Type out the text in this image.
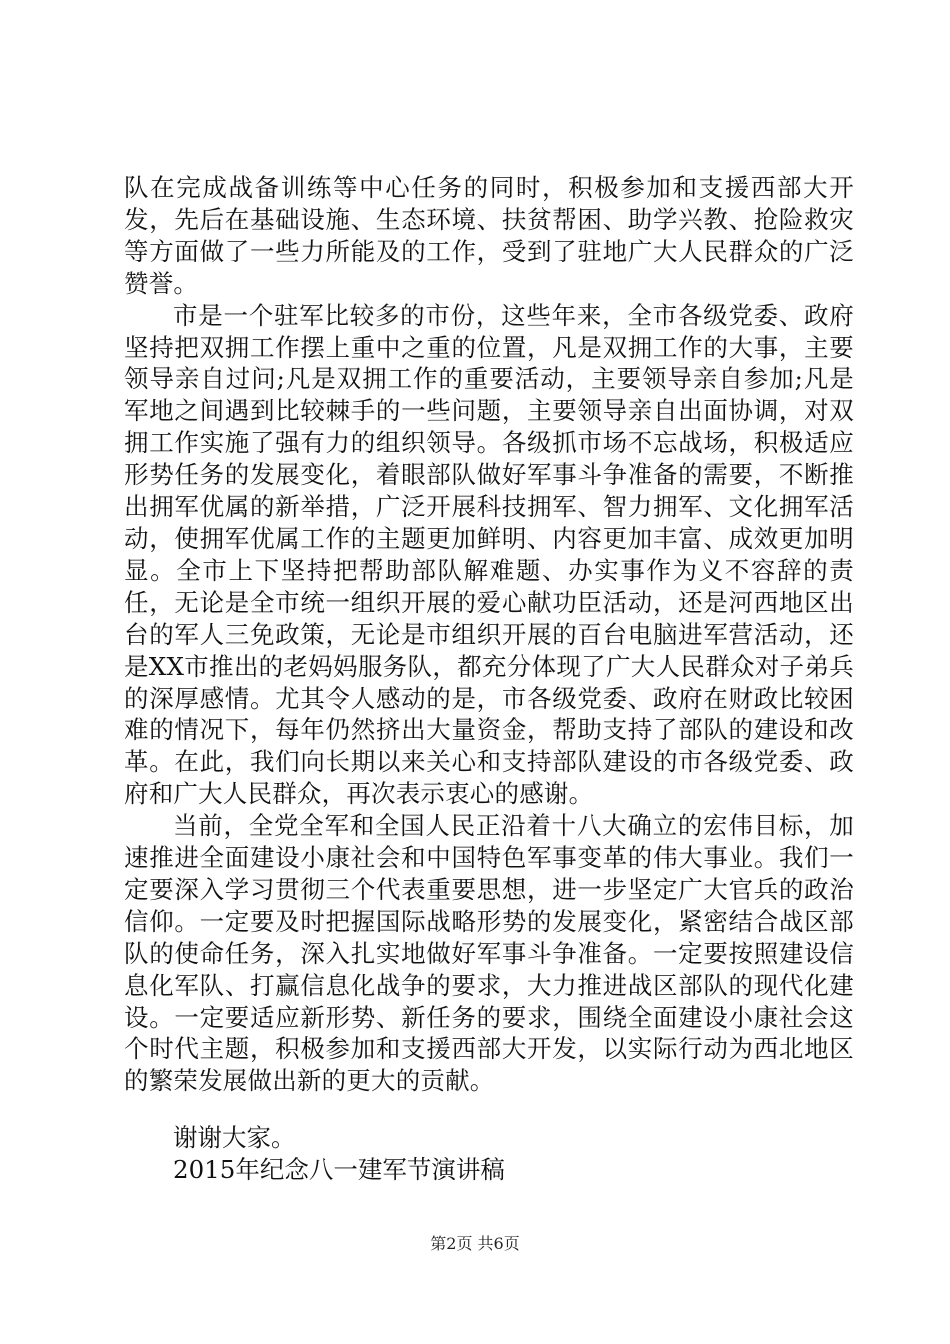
队在完成战备训练等中心任务的同时，积极参加和支援西部大开发，先后在基础设施、生态环境、扶贫帮困、助学兴教、抢险救灾等方面做了一些力所能及的工作，受到了驻地广大人民群众的广泛赞誉。

市是一个驻军比较多的市份，这些年来，全市各级党委、政府坚持把双拥工作摆上重中之重的位置，凡是双拥工作的大事，主要领导亲自过问;凡是双拥工作的重要活动，主要领导亲自参加;凡是军地之间遇到比较棘手的一些问题，主要领导亲自出面协调，对双拥工作实施了强有力的组织领导。各级抓市场不忘战场，积极适应形势任务的发展变化，着眼部队做好军事斗争准备的需要，不断推出拥军优属的新举措，广泛开展科技拥军、智力拥军、文化拥军活动，使拥军优属工作的主题更加鲜明、内容更加丰富、成效更加明显。全市上下坚持把帮助部队解难题、办实事作为义不容辞的责任，无论是全市统一组织开展的爱心献功臣活动，还是河西地区出台的军人三免政策，无论是市组织开展的百台电脑进军营活动，还是XX市推出的老妈妈服务队，都充分体现了广大人民群众对子弟兵的深厚感情。尤其令人感动的是，市各级党委、政府在财政比较困难的情况下，每年仍然挤出大量资金，帮助支持了部队的建设和改革。在此，我们向长期以来关心和支持部队建设的市各级党委、政府和广大人民群众，再次表示衷心的感谢。

当前，全党全军和全国人民正沿着十八大确立的宏伟目标，加速推进全面建设小康社会和中国特色军事变革的伟大事业。我们一定要深入学习贯彻三个代表重要思想，进一步坚定广大官兵的政治信仰。一定要及时把握国际战略形势的发展变化，紧密结合战区部队的使命任务，深入扎实地做好军事斗争准备。一定要按照建设信息化军队、打赢信息化战争的要求，大力推进战区部队的现代化建设。一定要适应新形势、新任务的要求，围绕全面建设小康社会这个时代主题，积极参加和支援西部大开发，以实际行动为西北地区的繁荣发展做出新的更大的贡献。

谢谢大家。
2015年纪念八一建军节演讲稿
第2页 共6页
